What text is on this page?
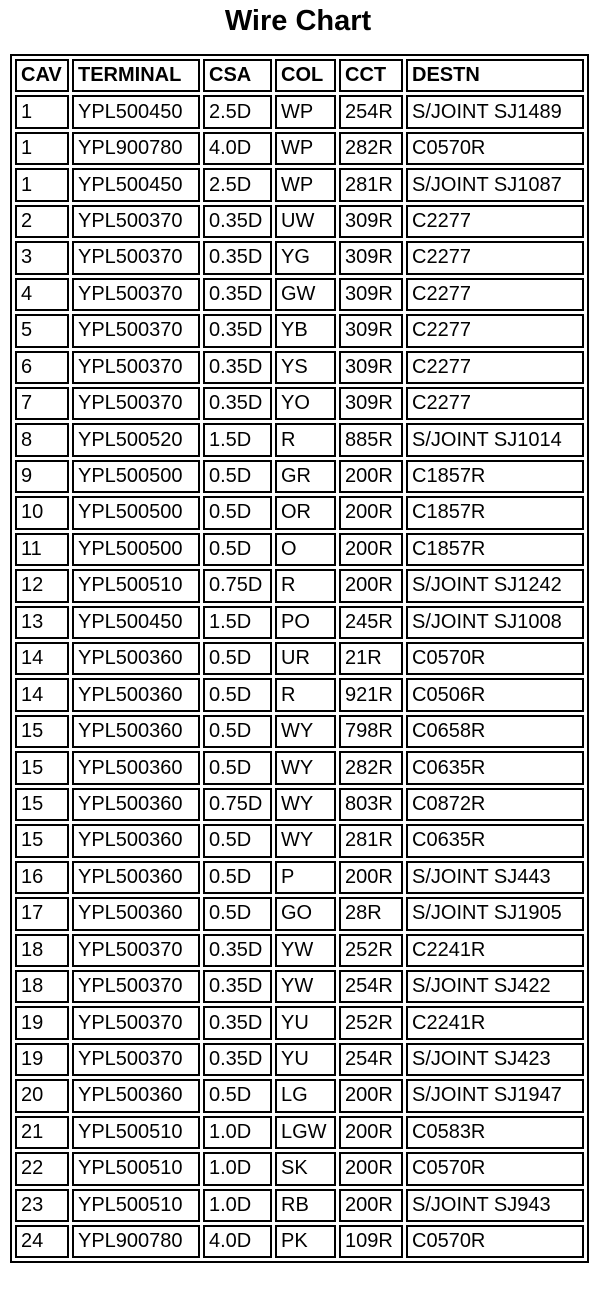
Wire Chart
CAV	TERMINAL	CSA	COL	CCT	DESTN
1	YPL500450	2.5D	WP	254R	S/JOINT SJ1489
1	YPL900780	4.0D	WP	282R	C0570R
1	YPL500450	2.5D	WP	281R	S/JOINT SJ1087
2	YPL500370	0.35D	UW	309R	C2277
3	YPL500370	0.35D	YG	309R	C2277
4	YPL500370	0.35D	GW	309R	C2277
5	YPL500370	0.35D	YB	309R	C2277
6	YPL500370	0.35D	YS	309R	C2277
7	YPL500370	0.35D	YO	309R	C2277
8	YPL500520	1.5D	R	885R	S/JOINT SJ1014
9	YPL500500	0.5D	GR	200R	C1857R
10	YPL500500	0.5D	OR	200R	C1857R
11	YPL500500	0.5D	O	200R	C1857R
12	YPL500510	0.75D	R	200R	S/JOINT SJ1242
13	YPL500450	1.5D	PO	245R	S/JOINT SJ1008
14	YPL500360	0.5D	UR	21R	C0570R
14	YPL500360	0.5D	R	921R	C0506R
15	YPL500360	0.5D	WY	798R	C0658R
15	YPL500360	0.5D	WY	282R	C0635R
15	YPL500360	0.75D	WY	803R	C0872R
15	YPL500360	0.5D	WY	281R	C0635R
16	YPL500360	0.5D	P	200R	S/JOINT SJ443
17	YPL500360	0.5D	GO	28R	S/JOINT SJ1905
18	YPL500370	0.35D	YW	252R	C2241R
18	YPL500370	0.35D	YW	254R	S/JOINT SJ422
19	YPL500370	0.35D	YU	252R	C2241R
19	YPL500370	0.35D	YU	254R	S/JOINT SJ423
20	YPL500360	0.5D	LG	200R	S/JOINT SJ1947
21	YPL500510	1.0D	LGW	200R	C0583R
22	YPL500510	1.0D	SK	200R	C0570R
23	YPL500510	1.0D	RB	200R	S/JOINT SJ943
24	YPL900780	4.0D	PK	109R	C0570R
